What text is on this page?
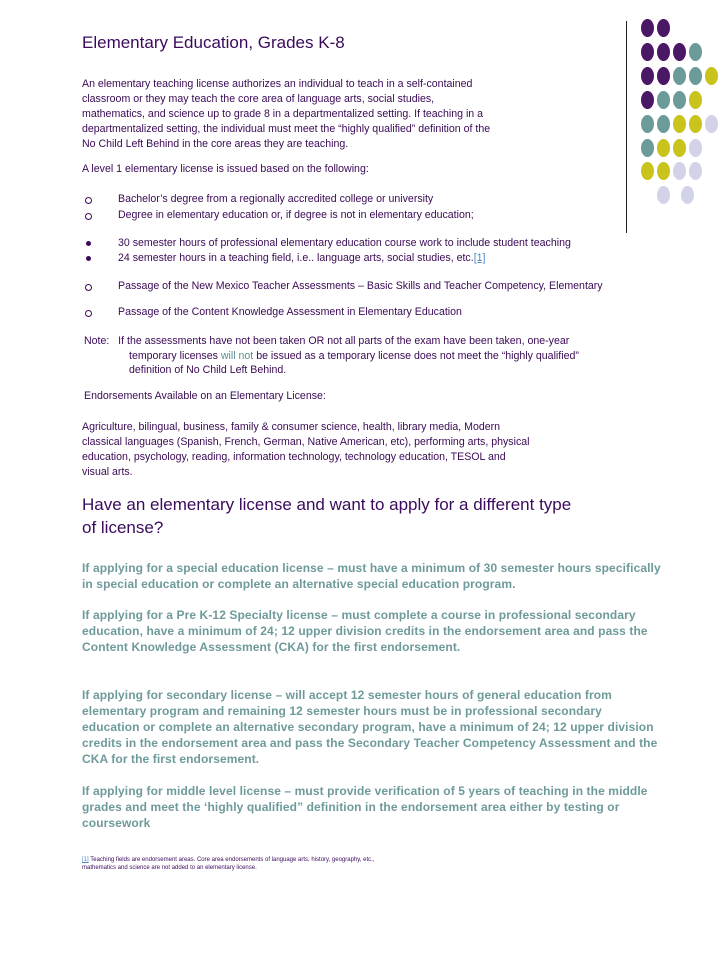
Elementary Education, Grades K-8
An elementary teaching license authorizes an individual to teach in a self-contained
classroom or they may teach the core area of language arts, social studies,
mathematics, and science up to grade 8 in a departmentalized setting. If teaching in a
departmentalized setting, the individual must meet the “highly qualified” definition of the
No Child Left Behind in the core areas they are teaching.
A level 1 elementary license is issued based on the following:
Bachelor’s degree from a regionally accredited college or university
Degree in elementary education or, if degree is not in elementary education;
30 semester hours of professional elementary education course work to include student teaching
24 semester hours in a teaching field, i.e.. language arts, social studies, etc.[1]
Passage of the New Mexico Teacher Assessments – Basic Skills and Teacher Competency, Elementary
Passage of the Content Knowledge Assessment in Elementary Education
Note: If the assessments have not been taken OR not all parts of the exam have been taken, one-year
temporary licenses will not be issued as a temporary license does not meet the “highly qualified”
definition of No Child Left Behind.
Endorsements Available on an Elementary License:
Agriculture, bilingual, business, family & consumer science, health, library media, Modern
classical languages (Spanish, French, German, Native American, etc), performing arts, physical
education, psychology, reading, information technology, technology education, TESOL and
visual arts.
Have an elementary license and want to apply for a different type of license?
If applying for a special education license – must have a minimum of 30 semester hours specifically in special education or complete an alternative special education program.
If applying for a Pre K-12 Specialty license – must complete a course in professional secondary education, have a minimum of 24; 12 upper division credits in the endorsement area and pass the Content Knowledge Assessment (CKA) for the first endorsement.
If applying for secondary license – will accept 12 semester hours of general education from elementary program and remaining 12 semester hours must be in professional secondary education or complete an alternative secondary program, have a minimum of 24; 12 upper division credits in the endorsement area and pass the Secondary Teacher Competency Assessment and the CKA for the first endorsement.
If applying for middle level license – must provide verification of 5 years of teaching in the middle grades and meet the ‘highly qualified” definition in the endorsement area either by testing or coursework
[1] Teaching fields are endorsement areas. Core area endorsements of language arts, history, geography, etc.,
mathematics and science are not added to an elementary license.
